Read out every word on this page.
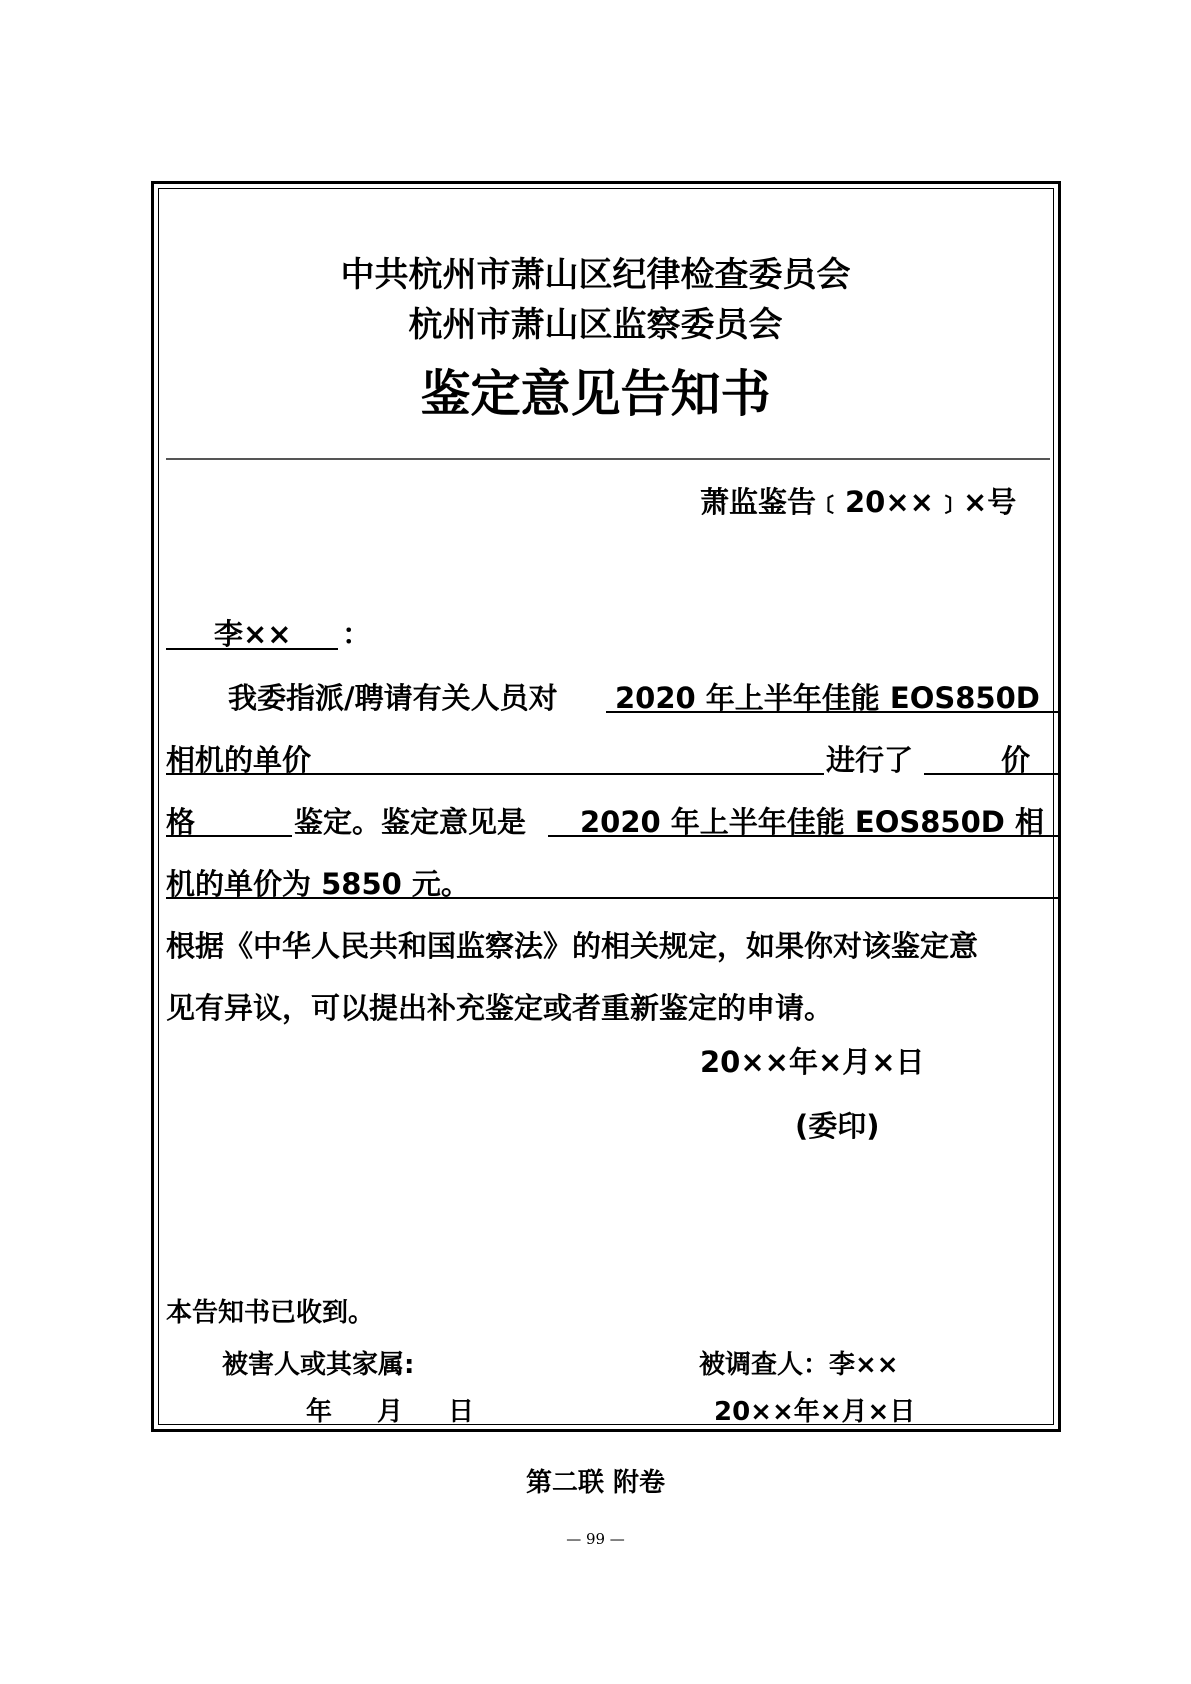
中共杭州市萧山区纪律检查委员会
杭州市萧山区监察委员会
鉴定意见告知书
萧监鉴告﹝20××﹞×号
李×× ：
我委指派/聘请有关人员对 2020 年上半年佳能 EOS850D
相机的单价	进行了	价
格	鉴定。鉴定意见是 2020 年上半年佳能 EOS850D 相
机的单价为 5850 元。
根据《中华人民共和国监察法》的相关规定，如果你对该鉴定意
见有异议，可以提出补充鉴定或者重新鉴定的申请。
20××年×月×日
(委印)
本告知书已收到。
被害人或其家属:	被调查人：李××
年 月 日	20××年×月×日
第二联 附卷
— 99 —
